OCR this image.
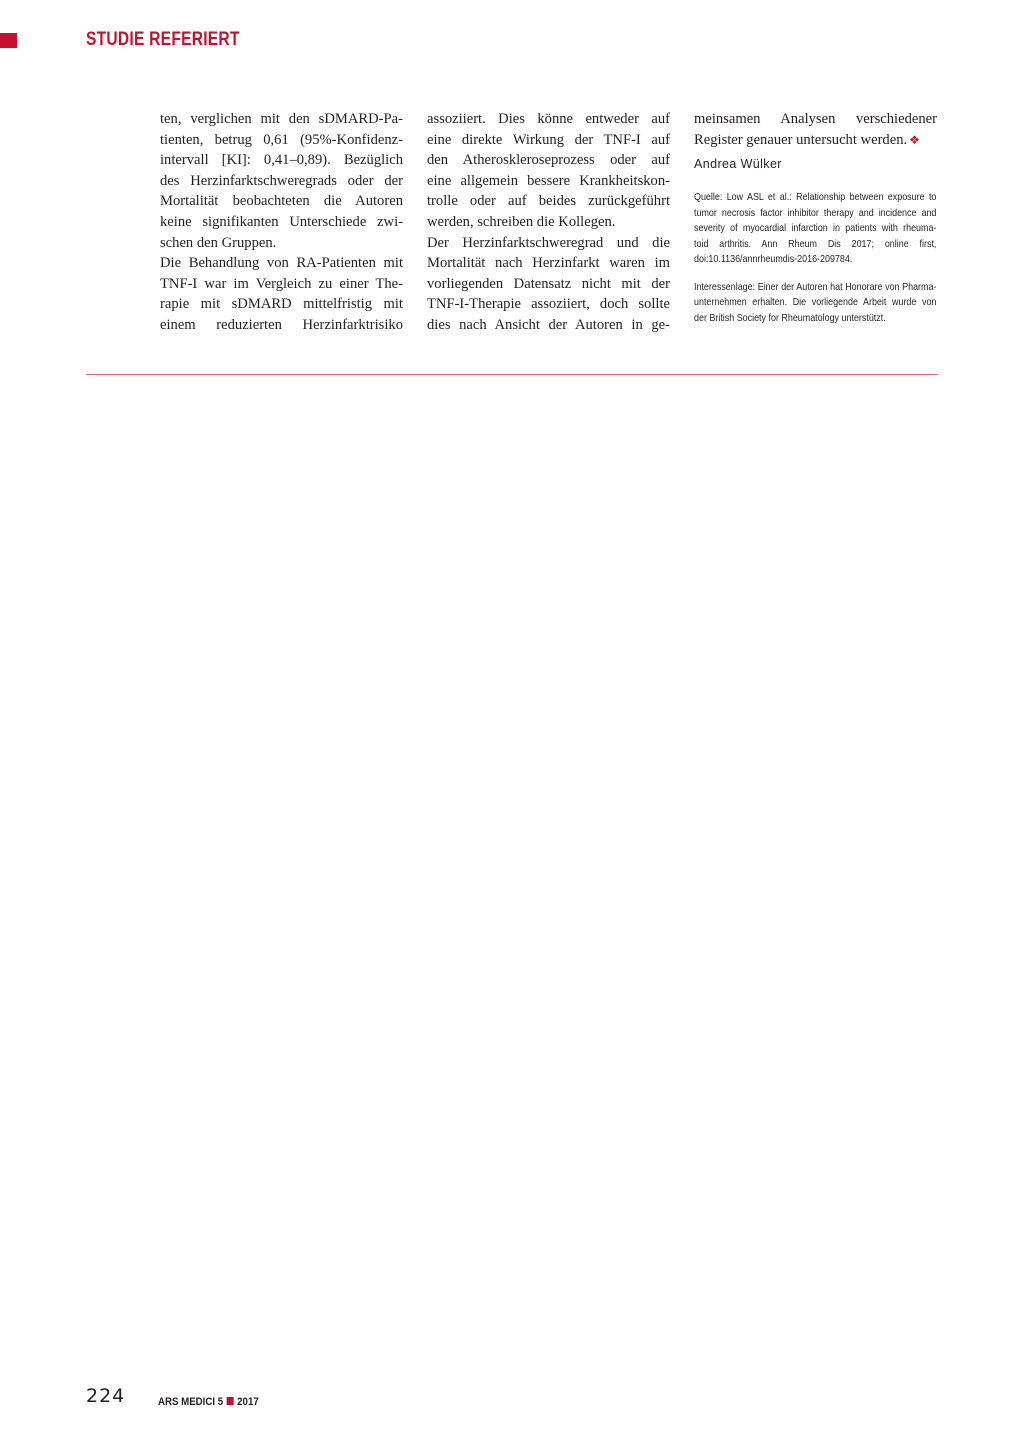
STUDIE REFERIERT

ten, verglichen mit den sDMARD-Pa-
tienten, betrug 0,61 (95%-Konfidenz-
intervall [KI]: 0,41–0,89). Bezüglich
des Herzinfarktschweregrads oder der
Mortalität beobachteten die Autoren
keine signifikanten Unterschiede zwi-
schen den Gruppen.

Die Behandlung von RA-Patienten mit
TNF-I war im Vergleich zu einer The-
rapie mit sDMARD mittelfristig mit
einem reduzierten Herzinfarktrisiko

assoziiert. Dies könne entweder auf
eine direkte Wirkung der TNF-I auf
den Atheroskleroseprozess oder auf
eine allgemein bessere Krankheitskon-
trolle oder auf beides zurückgeführt
werden, schreiben die Kollegen.

Der Herzinfarktschweregrad und die
Mortalität nach Herzinfarkt waren im
vorliegenden Datensatz nicht mit der
TNF-I-Therapie assoziiert, doch sollte
dies nach Ansicht der Autoren in ge-

meinsamen Analysen verschiedener
Register genauer untersucht werden. ❖

Andrea Wülker

Quelle: Low ASL et al.: Relationship between exposure to
tumor necrosis factor inhibitor therapy and incidence and
severity of myocardial infarction in patients with rheuma-
toid arthritis. Ann Rheum Dis 2017; online first,
doi:10.1136/annrheumdis-2016-209784.

Interessenlage: Einer der Autoren hat Honorare von Pharma-
unternehmen erhalten. Die vorliegende Arbeit wurde von
der British Society for Rheumatology unterstützt.

224	ARS MEDICI 5 2017
